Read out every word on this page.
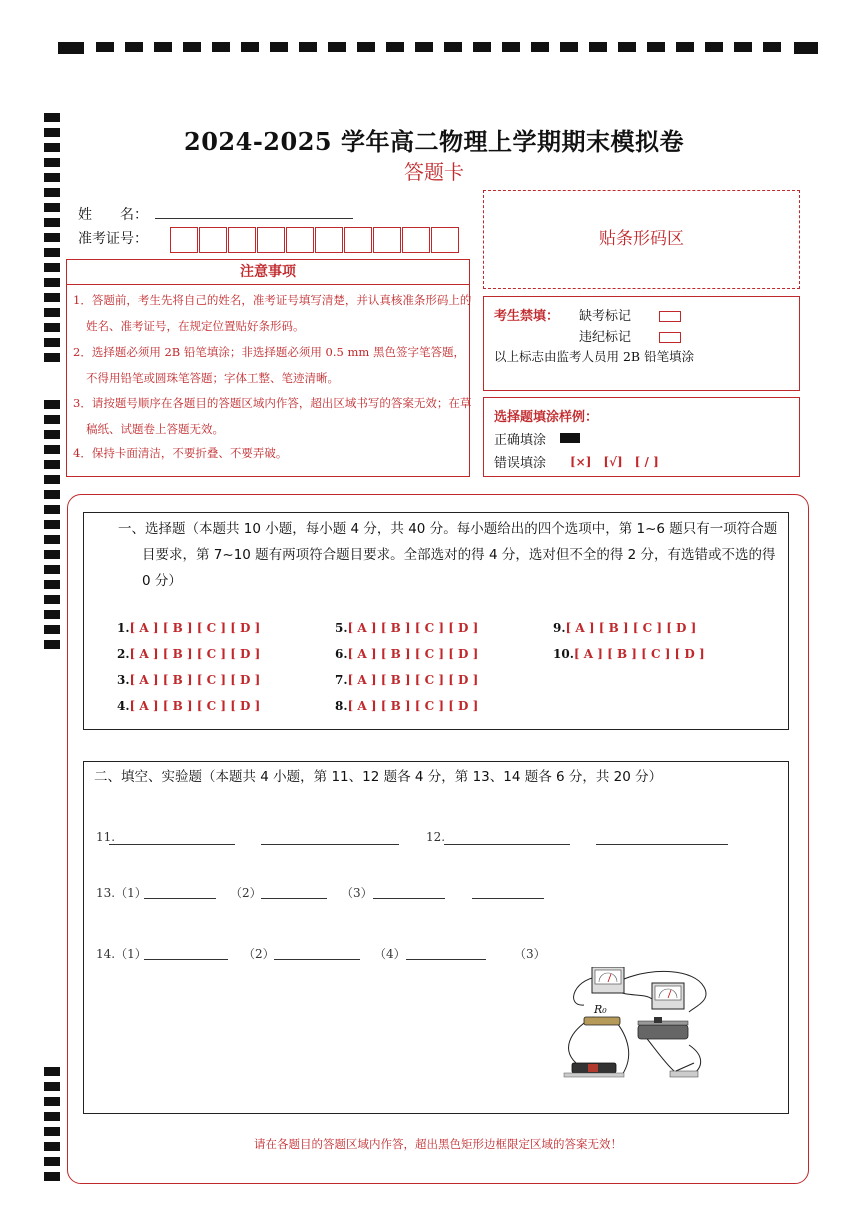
2024-2025 学年高二物理上学期期末模拟卷
答题卡
姓　　名：
准考证号：
注意事项
1．答题前，考生先将自己的姓名，准考证号填写清楚，并认真核准条形码上的姓名、准考证号，在规定位置贴好条形码。
2．选择题必须用 2B 铅笔填涂；非选择题必须用 0.5 mm 黑色签字笔答题，不得用铅笔或圆珠笔答题；字体工整、笔迹清晰。
3．请按题号顺序在各题目的答题区域内作答，超出区域书写的答案无效；在草稿纸、试题卷上答题无效。
4．保持卡面清洁，不要折叠、不要弄破。
贴条形码区
考生禁填： 缺考标记
违纪标记
以上标志由监考人员用 2B 铅笔填涂
选择题填涂样例：
正确填涂
错误填涂 [×]　[√]　[ / ]
一、选择题（本题共 10 小题，每小题 4 分，共 40 分。每小题给出的四个选项中，第 1~6 题只有一项符合题目要求，第 7~10 题有两项符合题目要求。全部选对的得 4 分，选对但不全的得 2 分，有选错或不选的得 0 分）
1.[ A ] [ B ] [ C ] [ D ]
2.[ A ] [ B ] [ C ] [ D ]
3.[ A ] [ B ] [ C ] [ D ]
4.[ A ] [ B ] [ C ] [ D ]
5.[ A ] [ B ] [ C ] [ D ]
6.[ A ] [ B ] [ C ] [ D ]
7.[ A ] [ B ] [ C ] [ D ]
8.[ A ] [ B ] [ C ] [ D ]
9.[ A ] [ B ] [ C ] [ D ]
10.[ A ] [ B ] [ C ] [ D ]
二、填空、实验题（本题共 4 小题，第 11、12 题各 4 分，第 13、14 题各 6 分，共 20 分）
11.	12.
13.（1）	（2）	（3）
14.（1）	（2）	（4）	（3）
R₀
请在各题目的答题区域内作答，超出黑色矩形边框限定区域的答案无效！
